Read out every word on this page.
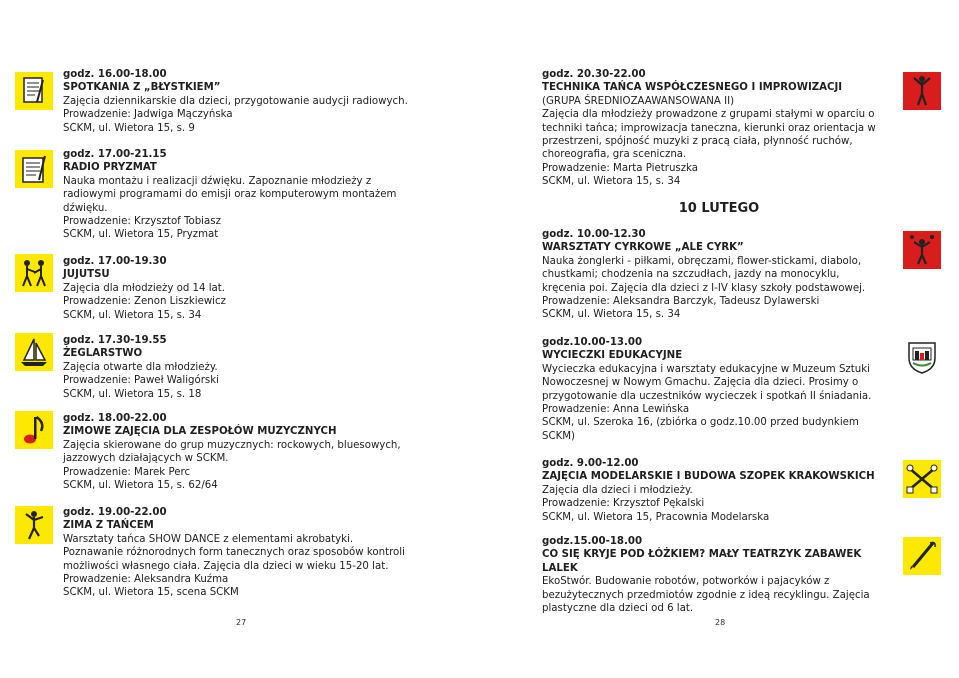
godz. 16.00-18.00

SPOTKANIA Z „BŁYSTKIEM”

Zajęcia dziennikarskie dla dzieci, przygotowanie audycji radiowych.

Prowadzenie: Jadwiga Mączyńska

SCKM, ul. Wietora 15, s. 9

godz. 17.00-21.15

RADIO PRYZMAT

Nauka montażu i realizacji dźwięku. Zapoznanie młodzieży z radiowymi programami do emisji oraz komputerowym montażem dźwięku.

Prowadzenie: Krzysztof Tobiasz

SCKM, ul. Wietora 15, Pryzmat

godz. 17.00-19.30

JUJUTSU

Zajęcia dla młodzieży od 14 lat.

Prowadzenie: Zenon Liszkiewicz

SCKM, ul. Wietora 15, s. 34

godz. 17.30-19.55

ŻEGLARSTWO

Zajęcia otwarte dla młodzieży.

Prowadzenie: Paweł Waligórski

SCKM, ul. Wietora 15, s. 18

godz. 18.00-22.00

ZIMOWE ZAJĘCIA DLA ZESPOŁÓW MUZYCZNYCH

Zajęcia skierowane do grup muzycznych: rockowych, bluesowych, jazzowych działających w SCKM.

Prowadzenie: Marek Perc

SCKM, ul. Wietora 15, s. 62/64

godz. 19.00-22.00

ZIMA Z TAŃCEM

Warsztaty tańca SHOW DANCE z elementami akrobatyki. Poznawanie różnorodnych form tanecznych oraz sposobów kontroli możliwości własnego ciała. Zajęcia dla dzieci w wieku 15-20 lat.

Prowadzenie: Aleksandra Kuźma

SCKM, ul. Wietora 15, scena SCKM

27

godz. 20.30-22.00

TECHNIKA TAŃCA WSPÓŁCZESNEGO I IMPROWIZACJI (GRUPA ŚREDNIOZAAWANSOWANA II)

Zajęcia dla młodzieży prowadzone z grupami stałymi w oparciu o techniki tańca; improwizacja taneczna, kierunki oraz orientacja w przestrzeni, spójność muzyki z pracą ciała, płynność ruchów, choreografia, gra sceniczna.

Prowadzenie: Marta Pietruszka

SCKM, ul. Wietora 15, s. 34

10 LUTEGO

godz. 10.00-12.30

WARSZTATY CYRKOWE „ALE CYRK”

Nauka żonglerki - piłkami, obręczami, flower-stickami, diabolo, chustkami; chodzenia na szczudłach, jazdy na monocyklu, kręcenia poi. Zajęcia dla dzieci z I-IV klasy szkoły podstawowej.

Prowadzenie: Aleksandra Barczyk, Tadeusz Dylawerski

SCKM, ul. Wietora 15, s. 34

godz.10.00-13.00

WYCIECZKI EDUKACYJNE

Wycieczka edukacyjna i warsztaty edukacyjne w Muzeum Sztuki Nowoczesnej w Nowym Gmachu. Zajęcia dla dzieci. Prosimy o przygotowanie dla uczestników wycieczek i spotkań II śniadania.

Prowadzenie: Anna Lewińska

SCKM, ul. Szeroka 16, (zbiórka o godz.10.00 przed budynkiem SCKM)

godz. 9.00-12.00

ZAJĘCIA MODELARSKIE I BUDOWA SZOPEK KRAKOWSKICH

Zajęcia dla dzieci i młodzieży.

Prowadzenie: Krzysztof Pękalski

SCKM, ul. Wietora 15, Pracownia Modelarska

godz.15.00-18.00

CO SIĘ KRYJE POD ŁÓŻKIEM? MAŁY TEATRZYK ZABAWEK LALEK

EkoStwór. Budowanie robotów, potworków i pajacyków z bezużytecznych przedmiotów zgodnie z ideą recyklingu. Zajęcia plastyczne dla dzieci od 6 lat.

28
